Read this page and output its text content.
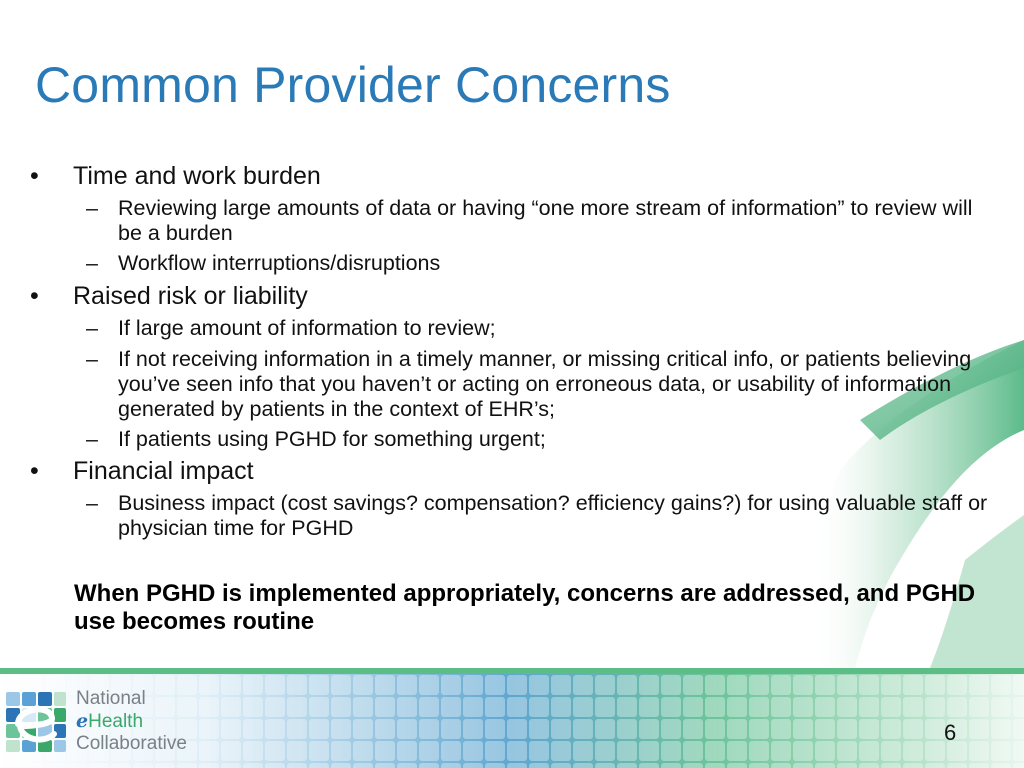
Common Provider Concerns
• Time and work burden
– Reviewing large amounts of data or having “one more stream of information” to review will be a burden
– Workflow interruptions/disruptions
• Raised risk or liability
– If large amount of information to review;
– If not receiving information in a timely manner, or missing critical info, or patients believing you’ve seen info that you haven’t or acting on erroneous data, or usability of information generated by patients in the context of EHR’s;
– If patients using PGHD for something urgent;
• Financial impact
– Business impact (cost savings? compensation? efficiency gains?) for using valuable staff or physician time for PGHD
When PGHD is implemented appropriately, concerns are addressed, and PGHD use becomes routine
National
eHealth
Collaborative	6
